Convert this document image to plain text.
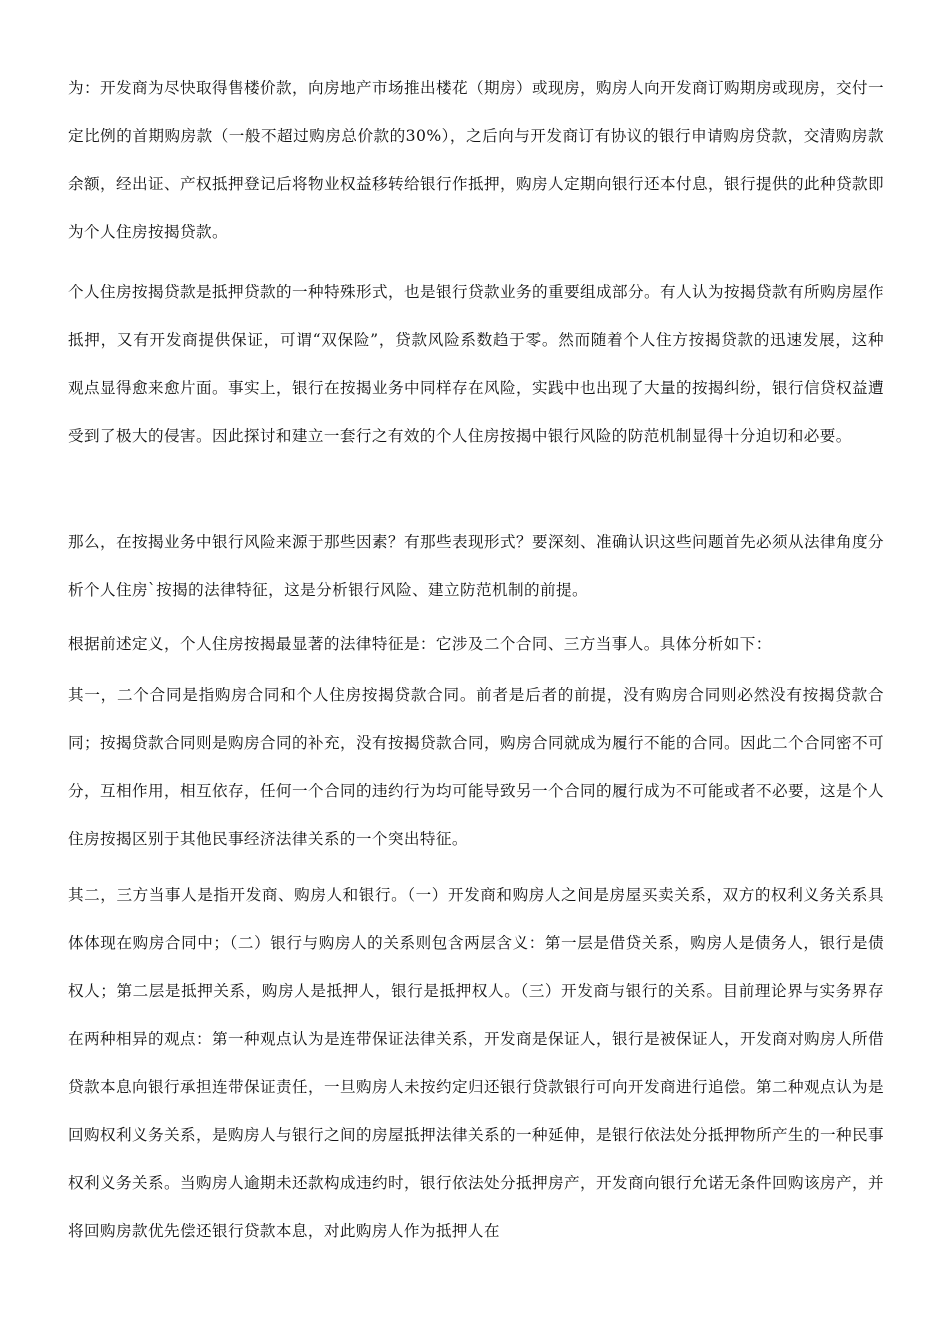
为：开发商为尽快取得售楼价款，向房地产市场推出楼花（期房）或现房，购房人向开发商订购期房或现房，交付一定比例的首期购房款（一般不超过购房总价款的30%），之后向与开发商订有协议的银行申请购房贷款，交清购房款余额，经出证、产权抵押登记后将物业权益移转给银行作抵押，购房人定期向银行还本付息，银行提供的此种贷款即为个人住房按揭贷款。

个人住房按揭贷款是抵押贷款的一种特殊形式，也是银行贷款业务的重要组成部分。有人认为按揭贷款有所购房屋作抵押，又有开发商提供保证，可谓“双保险”，贷款风险系数趋于零。然而随着个人住方按揭贷款的迅速发展，这种观点显得愈来愈片面。事实上，银行在按揭业务中同样存在风险，实践中也出现了大量的按揭纠纷，银行信贷权益遭受到了极大的侵害。因此探讨和建立一套行之有效的个人住房按揭中银行风险的防范机制显得十分迫切和必要。

那么，在按揭业务中银行风险来源于那些因素？有那些表现形式？要深刻、准确认识这些问题首先必须从法律角度分析个人住房`按揭的法律特征，这是分析银行风险、建立防范机制的前提。

根据前述定义，个人住房按揭最显著的法律特征是：它涉及二个合同、三方当事人。具体分析如下：

其一，二个合同是指购房合同和个人住房按揭贷款合同。前者是后者的前提，没有购房合同则必然没有按揭贷款合同；按揭贷款合同则是购房合同的补充，没有按揭贷款合同，购房合同就成为履行不能的合同。因此二个合同密不可分，互相作用，相互依存，任何一个合同的违约行为均可能导致另一个合同的履行成为不可能或者不必要，这是个人住房按揭区别于其他民事经济法律关系的一个突出特征。

其二，三方当事人是指开发商、购房人和银行。（一）开发商和购房人之间是房屋买卖关系，双方的权利义务关系具体体现在购房合同中；（二）银行与购房人的关系则包含两层含义：第一层是借贷关系，购房人是债务人，银行是债权人；第二层是抵押关系，购房人是抵押人，银行是抵押权人。（三）开发商与银行的关系。目前理论界与实务界存在两种相异的观点：第一种观点认为是连带保证法律关系，开发商是保证人，银行是被保证人，开发商对购房人所借贷款本息向银行承担连带保证责任，一旦购房人未按约定归还银行贷款银行可向开发商进行追偿。第二种观点认为是回购权利义务关系，是购房人与银行之间的房屋抵押法律关系的一种延伸，是银行依法处分抵押物所产生的一种民事权利义务关系。当购房人逾期未还款构成违约时，银行依法处分抵押房产，开发商向银行允诺无条件回购该房产，并将回购房款优先偿还银行贷款本息，对此购房人作为抵押人在
